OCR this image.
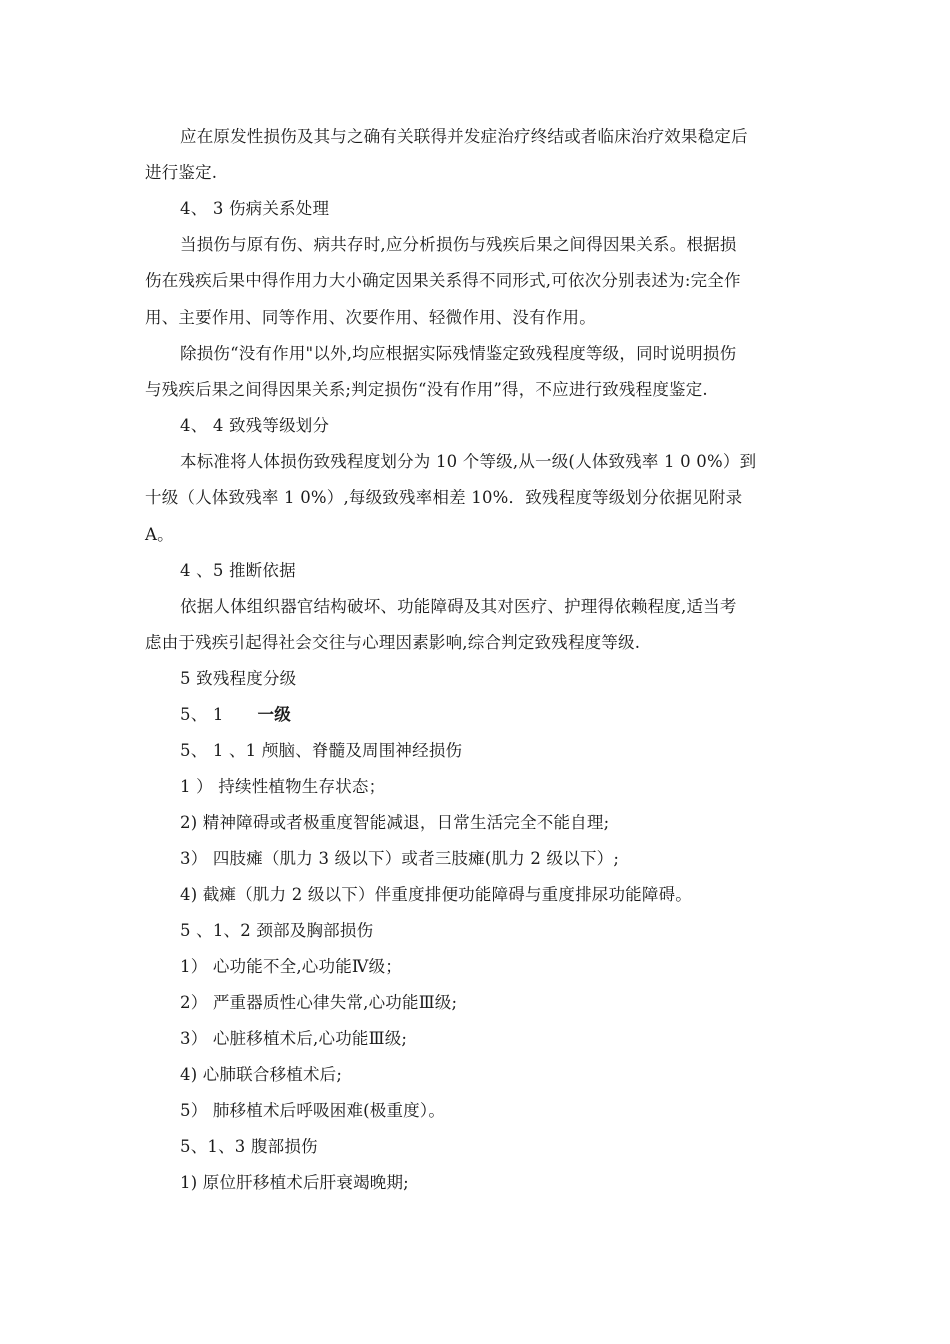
应在原发性损伤及其与之确有关联得并发症治疗终结或者临床治疗效果稳定后
进行鉴定.
4、 3 伤病关系处理
当损伤与原有伤、病共存时,应分析损伤与残疾后果之间得因果关系。根据损
伤在残疾后果中得作用力大小确定因果关系得不同形式,可依次分别表述为:完全作
用、主要作用、同等作用、次要作用、轻微作用、没有作用。
除损伤“没有作用"以外,均应根据实际残情鉴定致残程度等级，同时说明损伤
与残疾后果之间得因果关系;判定损伤“没有作用”得，不应进行致残程度鉴定.
4、 4 致残等级划分
本标准将人体损伤致残程度划分为 10 个等级,从一级(人体致残率 1 0 0%）到
十级（人体致残率 1 0%）,每级致残率相差 10%．致残程度等级划分依据见附录
A。
4 、5 推断依据
依据人体组织器官结构破坏、功能障碍及其对医疗、护理得依赖程度,适当考
虑由于残疾引起得社会交往与心理因素影响,综合判定致残程度等级.
5 致残程度分级
5、 1 一级
5、 1 、1 颅脑、脊髓及周围神经损伤
1 ） 持续性植物生存状态；
2) 精神障碍或者极重度智能减退，日常生活完全不能自理;
3） 四肢瘫（肌力 3 级以下）或者三肢瘫(肌力 2 级以下）;
4) 截瘫（肌力 2 级以下）伴重度排便功能障碍与重度排尿功能障碍。
5 、1、2 颈部及胸部损伤
1） 心功能不全,心功能Ⅳ级；
2） 严重器质性心律失常,心功能Ⅲ级;
3） 心脏移植术后,心功能Ⅲ级;
4) 心肺联合移植术后;
5） 肺移植术后呼吸困难(极重度）。
5、1、3 腹部损伤
1) 原位肝移植术后肝衰竭晚期;
